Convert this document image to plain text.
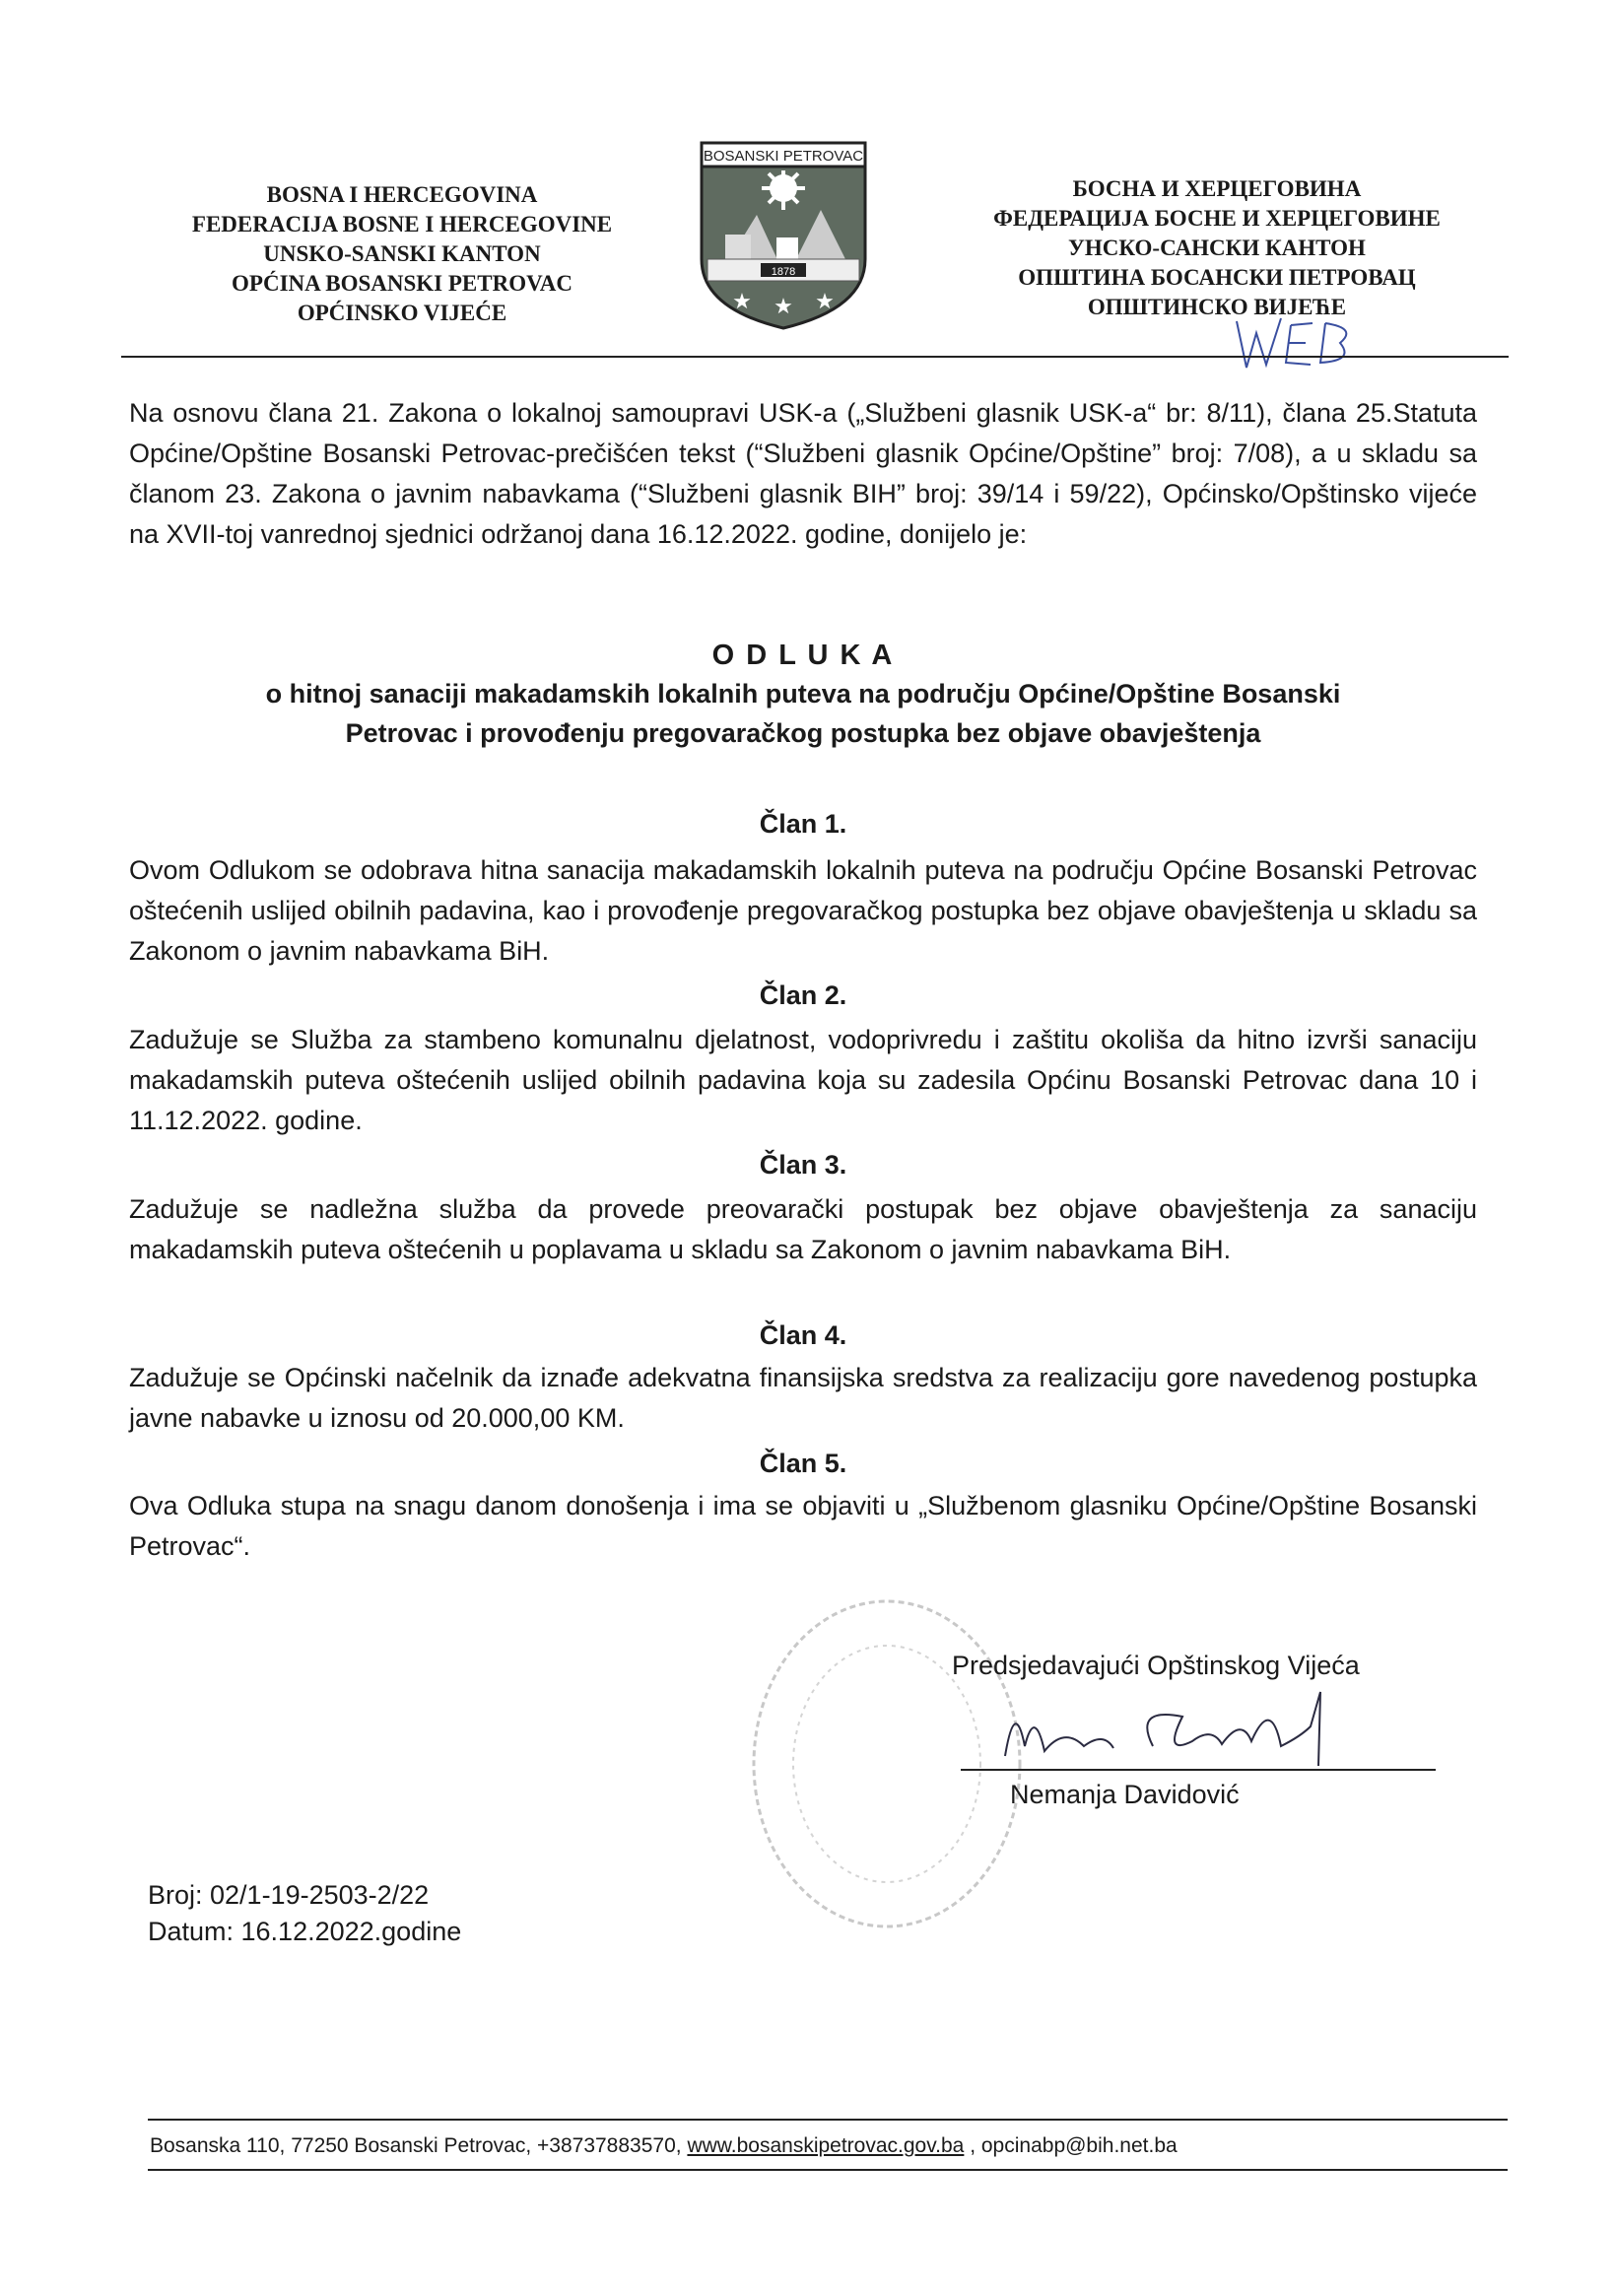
BOSNA I HERCEGOVINA
FEDERACIJA BOSNE I HERCEGOVINE
UNSKO-SANSKI KANTON
OPĆINA BOSANSKI PETROVAC
OPĆINSKO VIJEĆE
BOSANSKI PETROVAC
1878
★ ★ ★
БОСНА И ХЕРЦЕГОВИНА
ФЕДЕРАЦИЈА БОСНЕ И ХЕРЦЕГОВИНЕ
УНСКО-САНСКИ КАНТОН
ОПШТИНА БОСАНСКИ ПЕТРОВАЦ
ОПШТИНСКО ВИЈЕЋЕ
Na osnovu člana 21. Zakona o lokalnoj samoupravi USK-a („Službeni glasnik USK-a“ br: 8/11), člana 25.Statuta Općine/Opštine Bosanski Petrovac-prečišćen tekst (“Službeni glasnik Općine/Opštine” broj: 7/08), a u skladu sa članom 23. Zakona o javnim nabavkama (“Službeni glasnik BIH” broj: 39/14 i 59/22), Općinsko/Opštinsko vijeće na XVII-toj vanrednoj sjednici održanoj dana 16.12.2022. godine, donijelo je:
O D L U K A
o hitnoj sanaciji makadamskih lokalnih puteva na području Općine/Opštine Bosanski
Petrovac i provođenju pregovaračkog postupka bez objave obavještenja
Član 1.
Ovom Odlukom se odobrava hitna sanacija makadamskih lokalnih puteva na području Općine Bosanski Petrovac oštećenih uslijed obilnih padavina, kao i provođenje pregovaračkog postupka bez objave obavještenja u skladu sa Zakonom o javnim nabavkama BiH.
Član 2.
Zadužuje se Služba za stambeno komunalnu djelatnost, vodoprivredu i zaštitu okoliša da hitno izvrši sanaciju makadamskih puteva oštećenih uslijed obilnih padavina koja su zadesila Općinu Bosanski Petrovac dana 10 i 11.12.2022. godine.
Član 3.
Zadužuje se nadležna služba da provede preovarački postupak bez objave obavještenja za sanaciju makadamskih puteva oštećenih u poplavama u skladu sa Zakonom o javnim nabavkama BiH.
Član 4.
Zadužuje se Općinski načelnik da iznađe adekvatna finansijska sredstva za realizaciju gore navedenog postupka javne nabavke u iznosu od 20.000,00 KM.
Član 5.
Ova Odluka stupa na snagu danom donošenja i ima se objaviti u „Službenom glasniku Općine/Opštine Bosanski Petrovac“.
Predsjedavajući Opštinskog Vijeća
Nemanja Davidović
Broj: 02/1-19-2503-2/22
Datum: 16.12.2022.godine
Bosanska 110, 77250 Bosanski Petrovac, +38737883570, www.bosanskipetrovac.gov.ba , opcinabp@bih.net.ba
